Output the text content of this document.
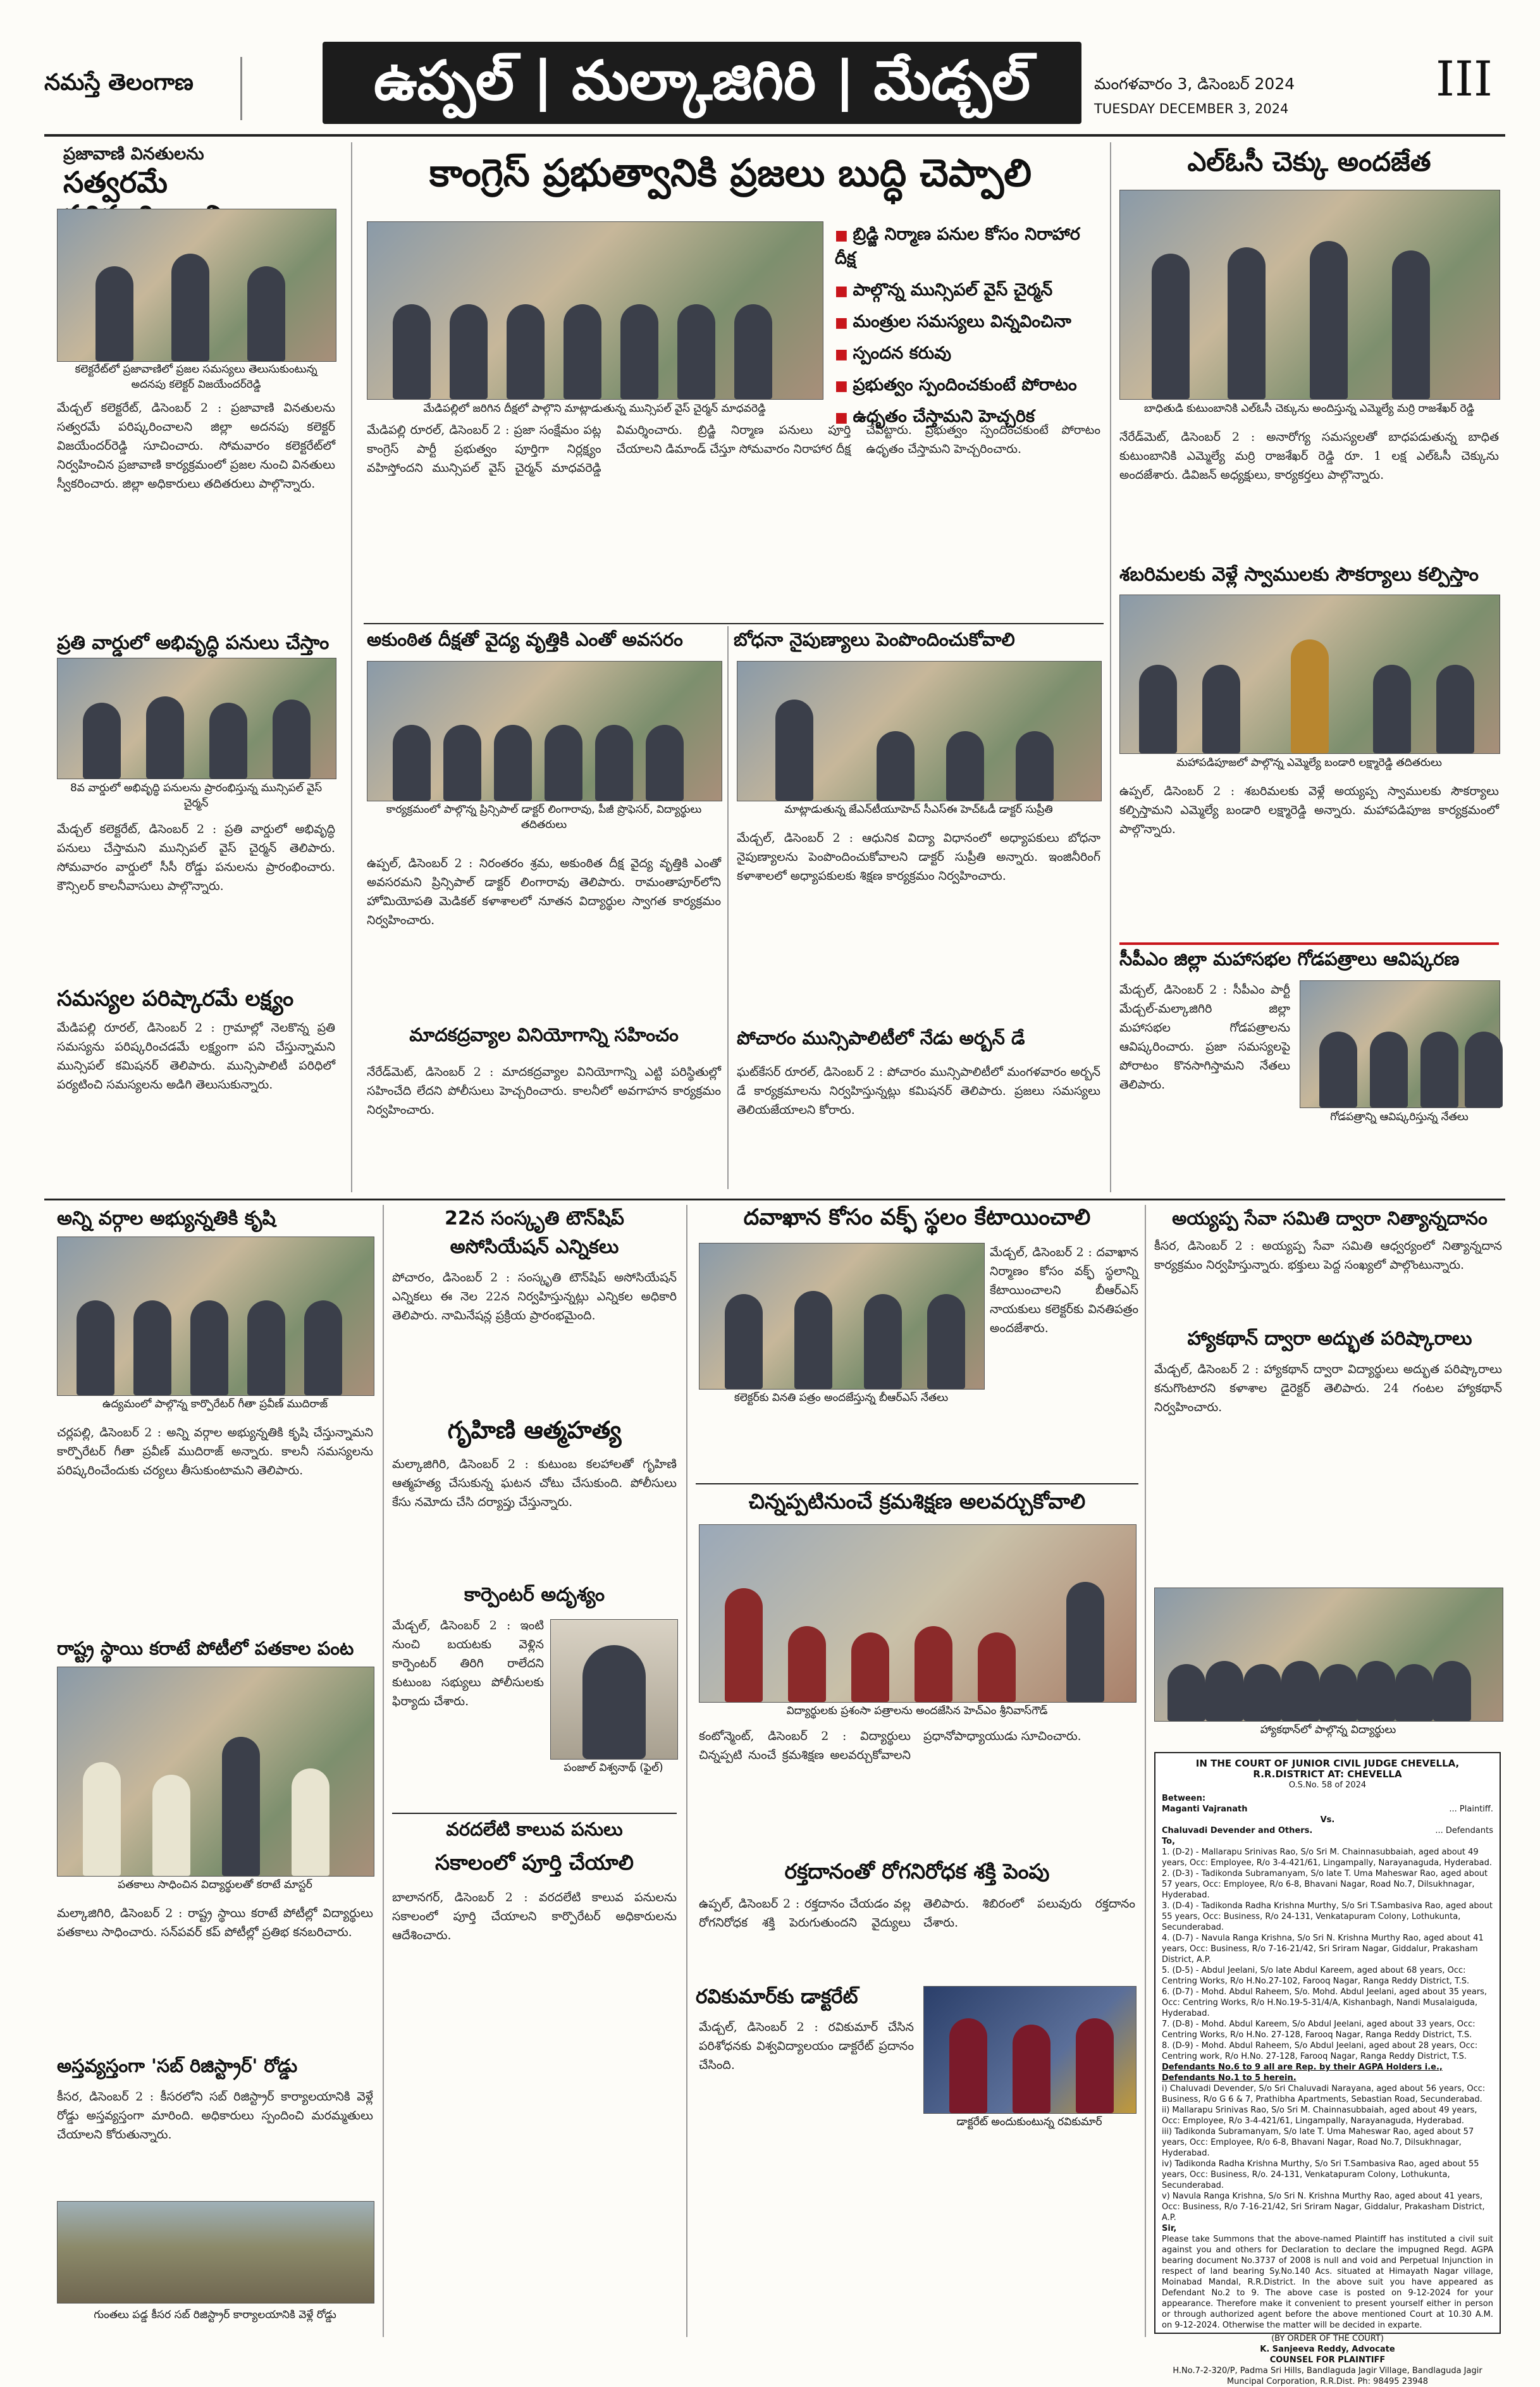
నమస్తే తెలంగాణ	ఉప్పల్ | మల్కాజిగిరి | మేడ్చల్	మంగళవారం 3, డిసెంబర్ 2024
TUESDAY DECEMBER 3, 2024
III
ప్రజావాణి వినతులను
సత్వరమే
కలెక్టరేట్‌లో ప్రజావాణిలో ప్రజల సమస్యలు తెలుసుకుంటున్న అదనపు కలెక్టర్ విజయేందర్‌రెడ్డి
మేడ్చల్ కలెక్టరేట్, డిసెంబర్ 2 : ప్రజావాణి వినతులను సత్వరమే పరిష్కరించాలని జిల్లా అదనపు కలెక్టర్ విజయేందర్‌రెడ్డి సూచించారు. సోమవారం కలెక్టరేట్‌లో నిర్వహించిన ప్రజావాణి కార్యక్రమంలో ప్రజల నుంచి వినతులు స్వీకరించారు. జిల్లా అధికారులు తదితరులు పాల్గొన్నారు.
ప్రతి వార్డులో అభివృద్ధి పనులు చేస్తాం
8వ వార్డులో అభివృద్ధి పనులను ప్రారంభిస్తున్న మున్సిపల్ వైస్ చైర్మన్
మేడ్చల్ కలెక్టరేట్, డిసెంబర్ 2 : ప్రతి వార్డులో అభివృద్ధి పనులు చేస్తామని మున్సిపల్ వైస్ చైర్మన్ తెలిపారు. సోమవారం వార్డులో సీసీ రోడ్డు పనులను ప్రారంభించారు. కౌన్సిలర్ కాలనీవాసులు పాల్గొన్నారు.
సమస్యల పరిష్కారమే లక్ష్యం
మేడిపల్లి రూరల్, డిసెంబర్ 2 : గ్రామాల్లో నెలకొన్న ప్రతి సమస్యను పరిష్కరించడమే లక్ష్యంగా పని చేస్తున్నామని మున్సిపల్ కమిషనర్ తెలిపారు. మున్సిపాలిటీ పరిధిలో పర్యటించి సమస్యలను అడిగి తెలుసుకున్నారు.
కాంగ్రెస్ ప్రభుత్వానికి ప్రజలు బుద్ధి చెప్పాలి
మేడిపల్లిలో జరిగిన దీక్షలో పాల్గొని మాట్లాడుతున్న మున్సిపల్ వైస్ చైర్మన్ మాధవరెడ్డి
■ బ్రిడ్జి నిర్మాణ పనుల కోసం నిరాహార దీక్ష
■ పాల్గొన్న మున్సిపల్ వైస్ చైర్మన్
■ మంత్రుల సమస్యలు విన్నవించినా
■ స్పందన కరువు
■ ప్రభుత్వం స్పందించకుంటే పోరాటం
■ ఉధృతం చేస్తామని హెచ్చరిక
మేడిపల్లి రూరల్, డిసెంబర్ 2 : ప్రజా సంక్షేమం పట్ల కాంగ్రెస్ పార్టీ ప్రభుత్వం పూర్తిగా నిర్లక్ష్యం వహిస్తోందని మున్సిపల్ వైస్ చైర్మన్ మాధవరెడ్డి విమర్శించారు. బ్రిడ్జి నిర్మాణ పనులు పూర్తి చేయాలని డిమాండ్ చేస్తూ సోమవారం నిరాహార దీక్ష చేపట్టారు. ప్రభుత్వం స్పందించకుంటే పోరాటం ఉధృతం చేస్తామని హెచ్చరించారు.
అకుంఠిత దీక్షతో వైద్య వృత్తికి ఎంతో అవసరం
కార్యక్రమంలో పాల్గొన్న ప్రిన్సిపాల్ డాక్టర్ లింగారావు, పీజీ ప్రొఫెసర్, విద్యార్థులు తదితరులు
ఉప్పల్, డిసెంబర్ 2 : నిరంతరం శ్రమ, అకుంఠిత దీక్ష వైద్య వృత్తికి ఎంతో అవసరమని ప్రిన్సిపాల్ డాక్టర్ లింగారావు తెలిపారు. రామంతాపూర్‌లోని హోమియోపతి మెడికల్ కళాశాలలో నూతన విద్యార్థుల స్వాగత కార్యక్రమం నిర్వహించారు.
బోధనా నైపుణ్యాలు పెంపొందించుకోవాలి
మాట్లాడుతున్న జేఎన్‌టీయూహెచ్ సీఎస్‌ఈ హెచ్‌ఓడీ డాక్టర్ సుప్రీతి
మేడ్చల్, డిసెంబర్ 2 : ఆధునిక విద్యా విధానంలో అధ్యాపకులు బోధనా నైపుణ్యాలను పెంపొందించుకోవాలని డాక్టర్ సుప్రీతి అన్నారు. ఇంజినీరింగ్ కళాశాలలో అధ్యాపకులకు శిక్షణ కార్యక్రమం నిర్వహించారు.
మాదకద్రవ్యాల వినియోగాన్ని సహించం
నేరేడ్‌మెట్, డిసెంబర్ 2 : మాదకద్రవ్యాల వినియోగాన్ని ఎట్టి పరిస్థితుల్లో సహించేది లేదని పోలీసులు హెచ్చరించారు. కాలనీలో అవగాహన కార్యక్రమం నిర్వహించారు.
పోచారం మున్సిపాలిటీలో నేడు అర్బన్ డే
ఘట్‌కేసర్ రూరల్, డిసెంబర్ 2 : పోచారం మున్సిపాలిటీలో మంగళవారం అర్బన్ డే కార్యక్రమాలను నిర్వహిస్తున్నట్లు కమిషనర్ తెలిపారు. ప్రజలు సమస్యలు తెలియజేయాలని కోరారు.
ఎల్‌ఓసీ చెక్కు అందజేత
బాధితుడి కుటుంబానికి ఎల్‌ఓసీ చెక్కును అందిస్తున్న ఎమ్మెల్యే మర్రి రాజశేఖర్ రెడ్డి
నేరేడ్‌మెట్, డిసెంబర్ 2 : అనారోగ్య సమస్యలతో బాధపడుతున్న బాధిత కుటుంబానికి ఎమ్మెల్యే మర్రి రాజశేఖర్ రెడ్డి రూ. 1 లక్ష ఎల్‌ఓసీ చెక్కును అందజేశారు. డివిజన్ అధ్యక్షులు, కార్యకర్తలు పాల్గొన్నారు.
శబరిమలకు వెళ్లే స్వాములకు సౌకర్యాలు కల్పిస్తాం
మహాపడిపూజలో పాల్గొన్న ఎమ్మెల్యే బండారి లక్ష్మారెడ్డి తదితరులు
ఉప్పల్, డిసెంబర్ 2 : శబరిమలకు వెళ్లే అయ్యప్ప స్వాములకు సౌకర్యాలు కల్పిస్తామని ఎమ్మెల్యే బండారి లక్ష్మారెడ్డి అన్నారు. మహాపడిపూజ కార్యక్రమంలో పాల్గొన్నారు.
సీపీఎం జిల్లా మహాసభల గోడపత్రాలు ఆవిష్కరణ
మేడ్చల్, డిసెంబర్ 2 : సీపీఎం పార్టీ మేడ్చల్-మల్కాజిగిరి జిల్లా మహాసభల గోడపత్రాలను ఆవిష్కరించారు. ప్రజా సమస్యలపై పోరాటం కొనసాగిస్తామని నేతలు తెలిపారు.
గోడపత్రాన్ని ఆవిష్కరిస్తున్న నేతలు
అన్ని వర్గాల అభ్యున్నతికి కృషి
ఉద్యమంలో పాల్గొన్న కార్పొరేటర్ గీతా ప్రవీణ్ ముదిరాజ్
చర్లపల్లి, డిసెంబర్ 2 : అన్ని వర్గాల అభ్యున్నతికి కృషి చేస్తున్నామని కార్పొరేటర్ గీతా ప్రవీణ్ ముదిరాజ్ అన్నారు. కాలనీ సమస్యలను పరిష్కరించేందుకు చర్యలు తీసుకుంటామని తెలిపారు.
రాష్ట్ర స్థాయి కరాటే పోటీలో పతకాల పంట
పతకాలు సాధించిన విద్యార్థులతో కరాటే మాస్టర్
మల్కాజిగిరి, డిసెంబర్ 2 : రాష్ట్ర స్థాయి కరాటే పోటీల్లో విద్యార్థులు పతకాలు సాధించారు. సన్‌పవర్ కప్ పోటీల్లో ప్రతిభ కనబరిచారు.
అస్తవ్యస్తంగా 'సబ్ రిజిస్ట్రార్' రోడ్డు
కీసర, డిసెంబర్ 2 : కీసరలోని సబ్ రిజిస్ట్రార్ కార్యాలయానికి వెళ్లే రోడ్డు అస్తవ్యస్తంగా మారింది. అధికారులు స్పందించి మరమ్మతులు చేయాలని కోరుతున్నారు.
గుంతలు పడ్డ కీసర సబ్ రిజిస్ట్రార్ కార్యాలయానికి వెళ్లే రోడ్డు
22న సంస్కృతి టౌన్‌షిప్
అసోసియేషన్ ఎన్నికలు
పోచారం, డిసెంబర్ 2 : సంస్కృతి టౌన్‌షిప్ అసోసియేషన్ ఎన్నికలు ఈ నెల 22న నిర్వహిస్తున్నట్లు ఎన్నికల అధికారి తెలిపారు. నామినేషన్ల ప్రక్రియ ప్రారంభమైంది.
గృహిణి ఆత్మహత్య
మల్కాజిగిరి, డిసెంబర్ 2 : కుటుంబ కలహాలతో గృహిణి ఆత్మహత్య చేసుకున్న ఘటన చోటు చేసుకుంది. పోలీసులు కేసు నమోదు చేసి దర్యాప్తు చేస్తున్నారు.
కార్పెంటర్ అదృశ్యం
మేడ్చల్, డిసెంబర్ 2 : ఇంటి నుంచి బయటకు వెళ్లిన కార్పెంటర్ తిరిగి రాలేదని కుటుంబ సభ్యులు పోలీసులకు ఫిర్యాదు చేశారు.
పంజాల్ విశ్వనాథ్ (ఫైల్)
వరదలేటి కాలువ పనులు
సకాలంలో పూర్తి చేయాలి
బాలానగర్, డిసెంబర్ 2 : వరదలేటి కాలువ పనులను సకాలంలో పూర్తి చేయాలని కార్పొరేటర్ అధికారులను ఆదేశించారు.
దవాఖాన కోసం వక్ఫ్ స్థలం కేటాయించాలి
కలెక్టర్‌కు వినతి పత్రం అందజేస్తున్న బీఆర్ఎస్ నేతలు
మేడ్చల్, డిసెంబర్ 2 : దవాఖాన నిర్మాణం కోసం వక్ఫ్ స్థలాన్ని కేటాయించాలని బీఆర్ఎస్ నాయకులు కలెక్టర్‌కు వినతిపత్రం అందజేశారు.
చిన్నప్పటినుంచే క్రమశిక్షణ అలవర్చుకోవాలి
విద్యార్థులకు ప్రశంసా పత్రాలను అందజేసిన హెచ్‌ఎం శ్రీనివాస్‌గౌడ్
కంటోన్మెంట్, డిసెంబర్ 2 : విద్యార్థులు చిన్నప్పటి నుంచే క్రమశిక్షణ అలవర్చుకోవాలని ప్రధానోపాధ్యాయుడు సూచించారు.
రక్తదానంతో రోగనిరోధక శక్తి పెంపు
ఉప్పల్, డిసెంబర్ 2 : రక్తదానం చేయడం వల్ల రోగనిరోధక శక్తి పెరుగుతుందని వైద్యులు తెలిపారు. శిబిరంలో పలువురు రక్తదానం చేశారు.
రవికుమార్‌కు డాక్టరేట్
మేడ్చల్, డిసెంబర్ 2 : రవికుమార్ చేసిన పరిశోధనకు విశ్వవిద్యాలయం డాక్టరేట్ ప్రదానం చేసింది.
డాక్టరేట్ అందుకుంటున్న రవికుమార్
అయ్యప్ప సేవా సమితి ద్వారా నిత్యాన్నదానం
కీసర, డిసెంబర్ 2 : అయ్యప్ప సేవా సమితి ఆధ్వర్యంలో నిత్యాన్నదాన కార్యక్రమం నిర్వహిస్తున్నారు. భక్తులు పెద్ద సంఖ్యలో పాల్గొంటున్నారు.
హ్యాకథాన్ ద్వారా అద్భుత పరిష్కారాలు
మేడ్చల్, డిసెంబర్ 2 : హ్యాకథాన్ ద్వారా విద్యార్థులు అద్భుత పరిష్కారాలు కనుగొంటారని కళాశాల డైరెక్టర్ తెలిపారు. 24 గంటల హ్యాకథాన్ నిర్వహించారు.
హ్యాకథాన్‌లో పాల్గొన్న విద్యార్థులు
IN THE COURT OF JUNIOR CIVIL JUDGE CHEVELLA,
R.R.DISTRICT AT: CHEVELLA
O.S.No. 58 of 2024
Between:
Maganti Vajranath	... Plaintiff.
Vs.
Chaluvadi Devender and Others.	... Defendants
To,
1. (D-2) - Mallarapu Srinivas Rao, S/o Sri M. Chainnasubbaiah, aged about 49 years, Occ: Employee, R/o 3-4-421/61, Lingampally, Narayanaguda, Hyderabad.
2. (D-3) - Tadikonda Subramanyam, S/o late T. Uma Maheswar Rao, aged about 57 years, Occ: Employee, R/o 6-8, Bhavani Nagar, Road No.7, Dilsukhnagar, Hyderabad.
3. (D-4) - Tadikonda Radha Krishna Murthy, S/o Sri T.Sambasiva Rao, aged about 55 years, Occ: Business, R/o 24-131, Venkatapuram Colony, Lothukunta, Secunderabad.
4. (D-7) - Navula Ranga Krishna, S/o Sri N. Krishna Murthy Rao, aged about 41 years, Occ: Business, R/o 7-16-21/42, Sri Sriram Nagar, Giddalur, Prakasham District, A.P.
5. (D-5) - Abdul Jeelani, S/o late Abdul Kareem, aged about 68 years, Occ: Centring Works, R/o H.No.27-102, Farooq Nagar, Ranga Reddy District, T.S.
6. (D-7) - Mohd. Abdul Raheem, S/o. Mohd. Abdul Jeelani, aged about 35 years, Occ: Centring Works, R/o H.No.19-5-31/4/A, Kishanbagh, Nandi Musalaiguda, Hyderabad.
7. (D-8) - Mohd. Abdul Kareem, S/o Abdul Jeelani, aged about 33 years, Occ: Centring Works, R/o H.No. 27-128, Farooq Nagar, Ranga Reddy District, T.S.
8. (D-9) - Mohd. Abdul Raheem, S/o Abdul Jeelani, aged about 28 years, Occ: Centring work, R/o H.No. 27-128, Farooq Nagar, Ranga Reddy District, T.S.
Defendants No.6 to 9 all are Rep. by their AGPA Holders i.e., Defendants No.1 to 5 herein.
i) Chaluvadi Devender, S/o Sri Chaluvadi Narayana, aged about 56 years, Occ: Business, R/o G 6 & 7, Prathibha Apartments, Sebastian Road, Secunderabad.
ii) Mallarapu Srinivas Rao, S/o Sri M. Chainnasubbaiah, aged about 49 years, Occ: Employee, R/o 3-4-421/61, Lingampally, Narayanaguda, Hyderabad.
iii) Tadikonda Subramanyam, S/o late T. Uma Maheswar Rao, aged about 57 years, Occ: Employee, R/o 6-8, Bhavani Nagar, Road No.7, Dilsukhnagar, Hyderabad.
iv) Tadikonda Radha Krishna Murthy, S/o Sri T.Sambasiva Rao, aged about 55 years, Occ: Business, R/o. 24-131, Venkatapuram Colony, Lothukunta, Secunderabad.
v) Navula Ranga Krishna, S/o Sri N. Krishna Murthy Rao, aged about 41 years, Occ: Business, R/o 7-16-21/42, Sri Sriram Nagar, Giddalur, Prakasham District, A.P.
Sir,
Please take Summons that the above-named Plaintiff has instituted a civil suit against you and others for Declaration to declare the impugned Regd. AGPA bearing document No.3737 of 2008 is null and void and Perpetual Injunction in respect of land bearing Sy.No.140 Acs. situated at Himayath Nagar village, Moinabad Mandal, R.R.District. In the above suit you have appeared as Defendant No.2 to 9. The above case is posted on 9-12-2024 for your appearance. Therefore make it convenient to present yourself either in person or through authorized agent before the above mentioned Court at 10.30 A.M. on 9-12-2024. Otherwise the matter will be decided in exparte.
(BY ORDER OF THE COURT)
K. Sanjeeva Reddy, Advocate
COUNSEL FOR PLAINTIFF
H.No.7-2-320/P, Padma Sri Hills, Bandlaguda Jagir Village, Bandlaguda Jagir
Muncipal Corporation, R.R.Dist. Ph: 98495 23948
